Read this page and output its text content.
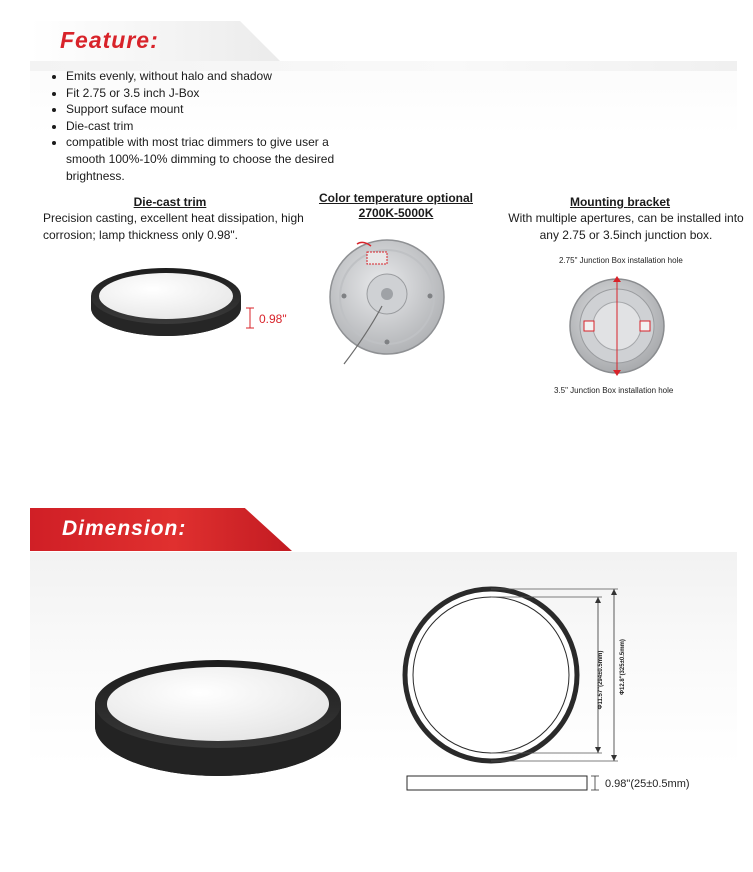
Feature:
• Emits evenly, without halo and shadow
• Fit 2.75 or 3.5 inch J-Box
• Support suface mount
• Die-cast trim
• compatible with most triac dimmers to give user a smooth 100%-10% dimming to choose the desired brightness.

Die-cast trim

Precision casting, excellent heat dissipation, high corrosion; lamp thickness only 0.98".

0.98"

Color temperature optional

2700K-5000K

Mounting bracket

With multiple apertures, can be installed into any 2.75 or 3.5inch junction box.

2.75" Junction Box installation hole

3.5" Junction Box installation hole

Dimension:
Φ11.57"(294±0.5mm)	Φ12.8"(325±0.5mm)

0.98"(25±0.5mm)
